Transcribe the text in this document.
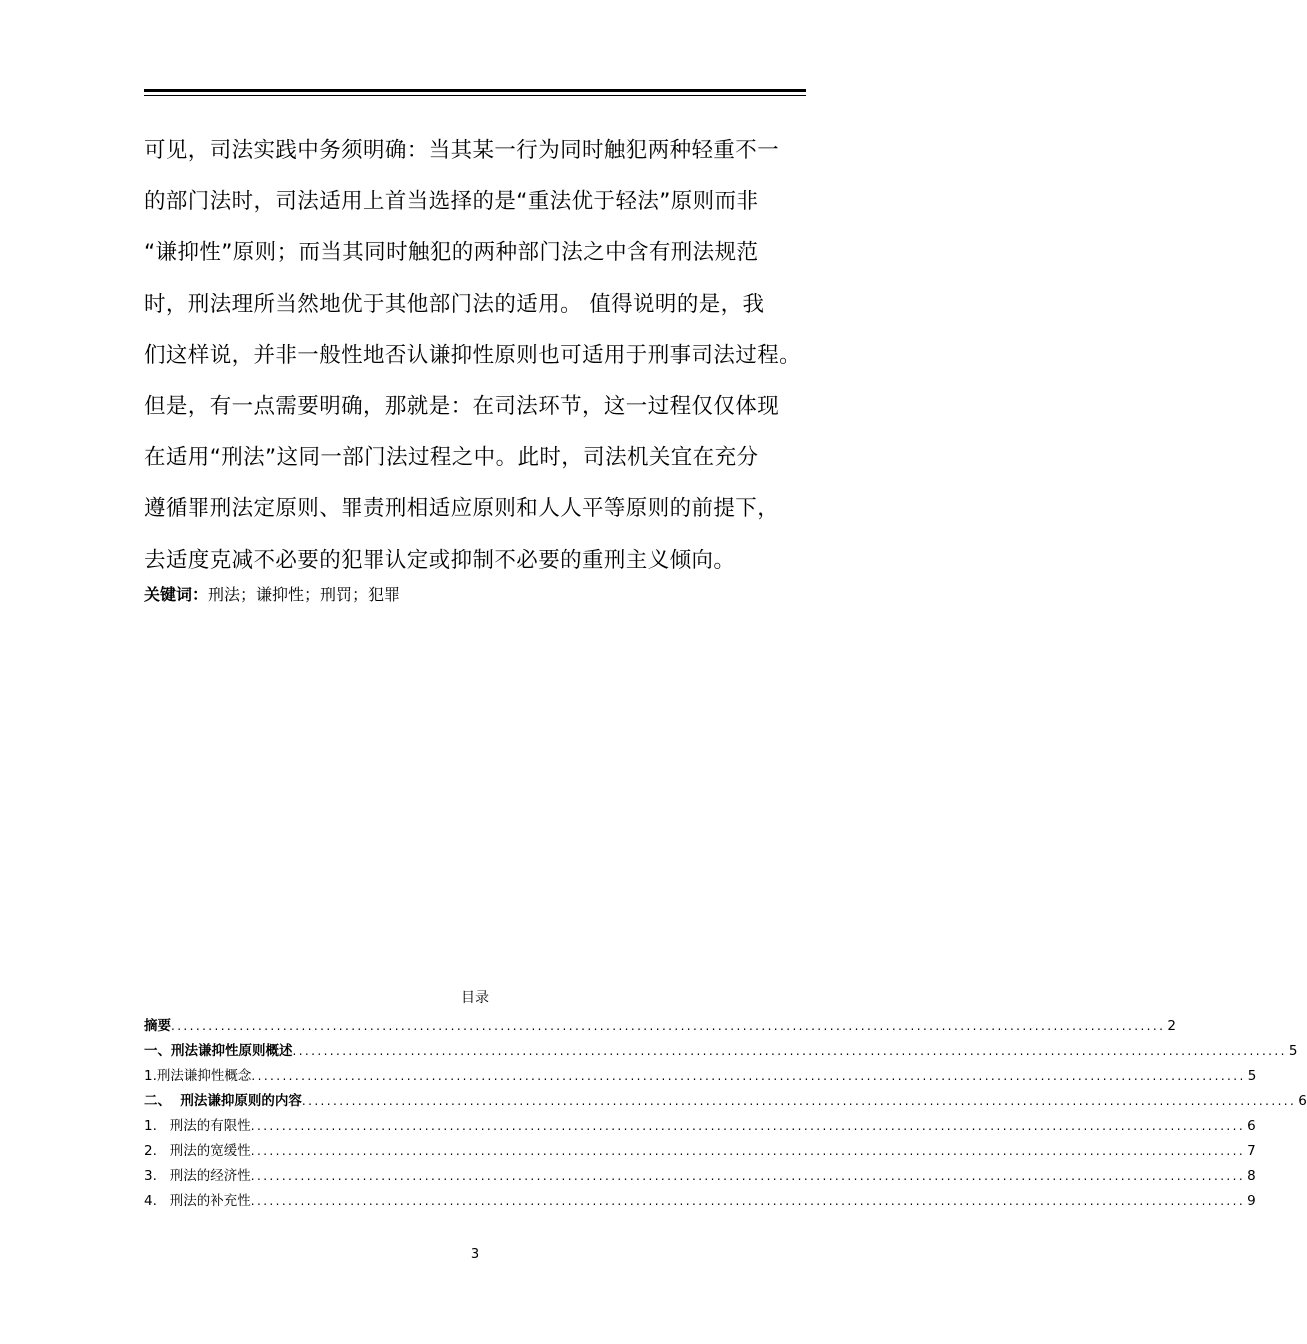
可见，司法实践中务须明确：当其某一行为同时触犯两种轻重不一
的部门法时，司法适用上首当选择的是“重法优于轻法”原则而非
“谦抑性”原则；而当其同时触犯的两种部门法之中含有刑法规范
时，刑法理所当然地优于其他部门法的适用。 值得说明的是，我
们这样说，并非一般性地否认谦抑性原则也可适用于刑事司法过程。
但是，有一点需要明确，那就是：在司法环节，这一过程仅仅体现
在适用“刑法”这同一部门法过程之中。此时，司法机关宜在充分
遵循罪刑法定原则、罪责刑相适应原则和人人平等原则的前提下，
去适度克减不必要的犯罪认定或抑制不必要的重刑主义倾向。
关键词：刑法；谦抑性；刑罚；犯罪
目录
摘要 ................................................................................................................................................................ 2
一、刑法谦抑性原则概述 ................................................................................................................................................................ 5
1.刑法谦抑性概念 ................................................................................................................................................................ 5
二、  刑法谦抑原则的内容 ................................................................................................................................................................ 6
1.   刑法的有限性 ................................................................................................................................................................ 6
2.   刑法的宽缓性 ................................................................................................................................................................ 7
3.   刑法的经济性 ................................................................................................................................................................ 8
4.   刑法的补充性 ................................................................................................................................................................ 9
3
